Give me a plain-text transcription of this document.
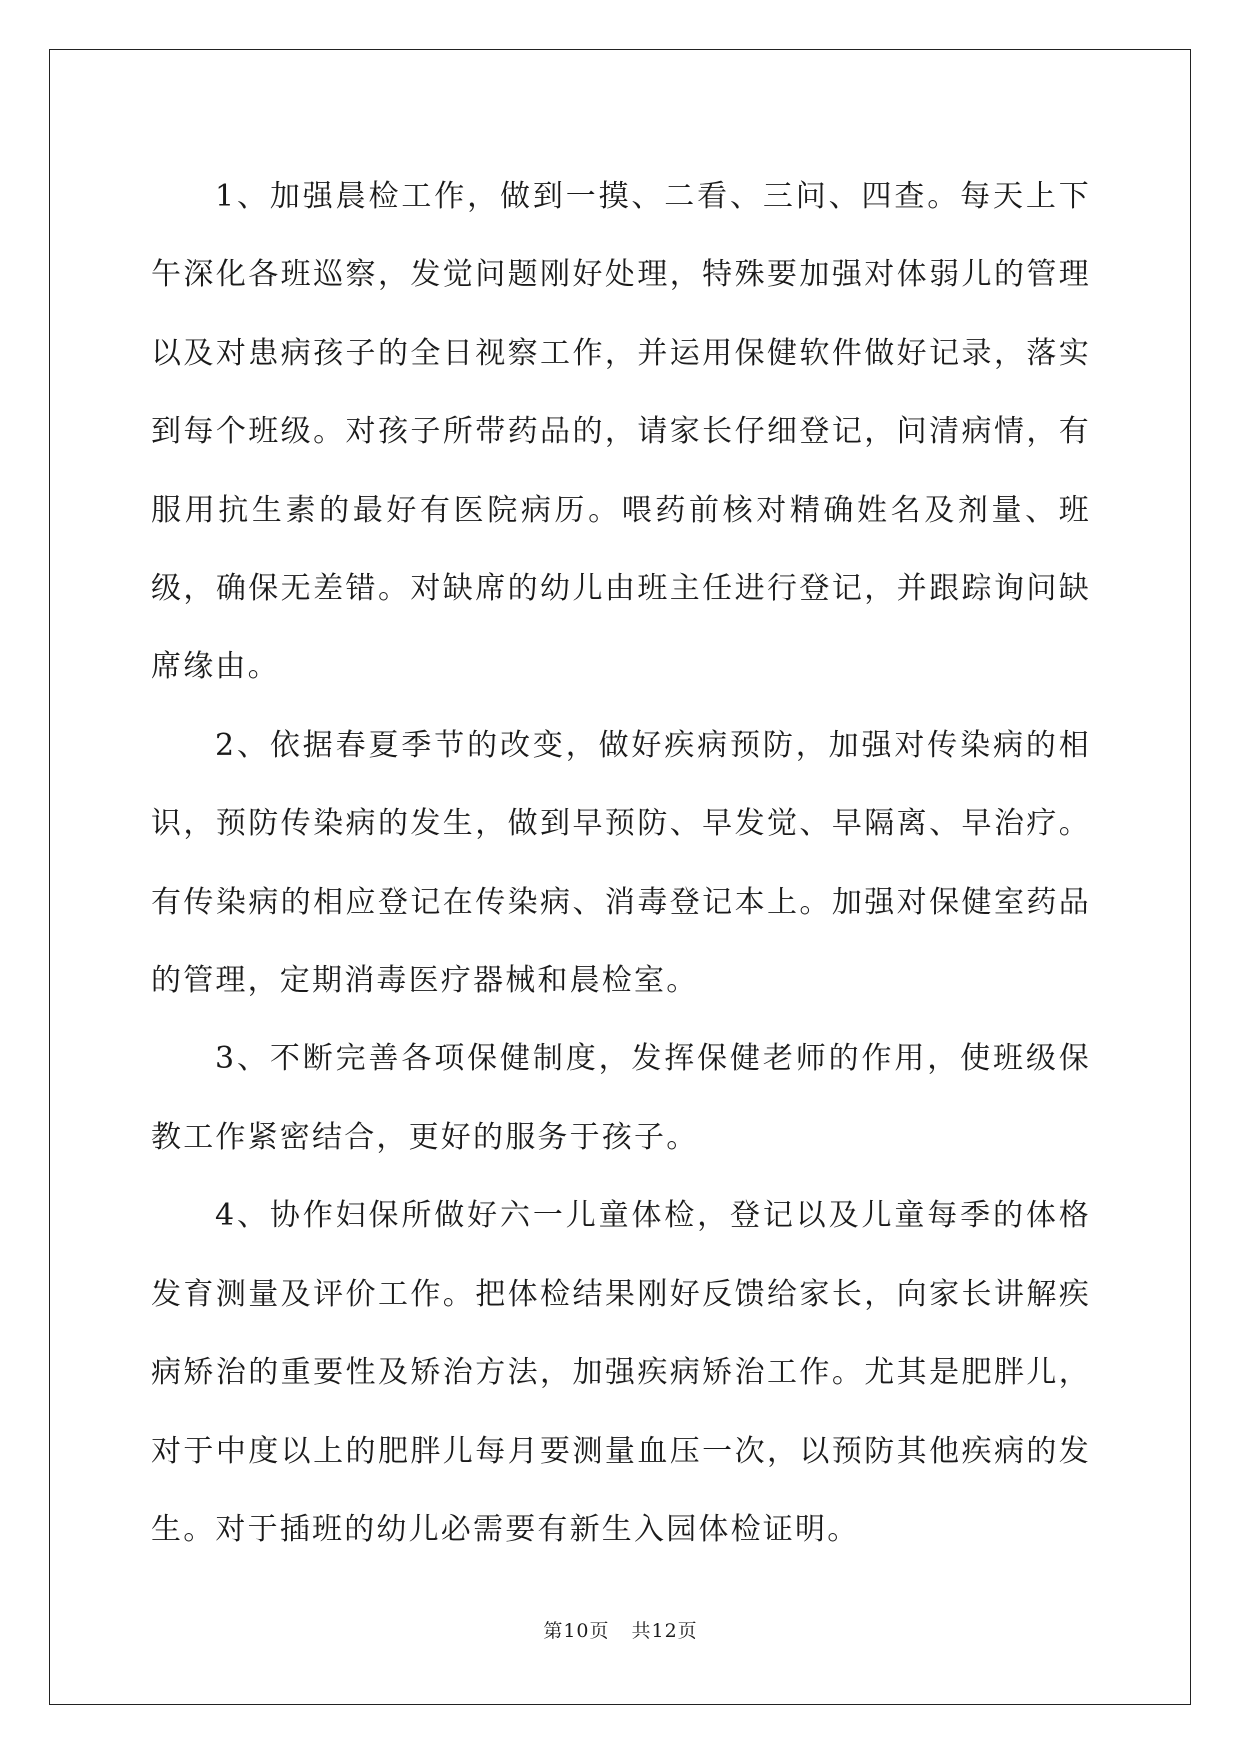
1、加强晨检工作，做到一摸、二看、三问、四查。每天上下午深化各班巡察，发觉问题刚好处理，特殊要加强对体弱儿的管理以及对患病孩子的全日视察工作，并运用保健软件做好记录，落实到每个班级。对孩子所带药品的，请家长仔细登记，问清病情，有服用抗生素的最好有医院病历。喂药前核对精确姓名及剂量、班级，确保无差错。对缺席的幼儿由班主任进行登记，并跟踪询问缺席缘由。

2、依据春夏季节的改变，做好疾病预防，加强对传染病的相识，预防传染病的发生，做到早预防、早发觉、早隔离、早治疗。有传染病的相应登记在传染病、消毒登记本上。加强对保健室药品的管理，定期消毒医疗器械和晨检室。

3、不断完善各项保健制度，发挥保健老师的作用，使班级保教工作紧密结合，更好的服务于孩子。

4、协作妇保所做好六一儿童体检，登记以及儿童每季的体格发育测量及评价工作。把体检结果刚好反馈给家长，向家长讲解疾病矫治的重要性及矫治方法，加强疾病矫治工作。尤其是肥胖儿，对于中度以上的肥胖儿每月要测量血压一次，以预防其他疾病的发生。对于插班的幼儿必需要有新生入园体检证明。

第10页 共12页
